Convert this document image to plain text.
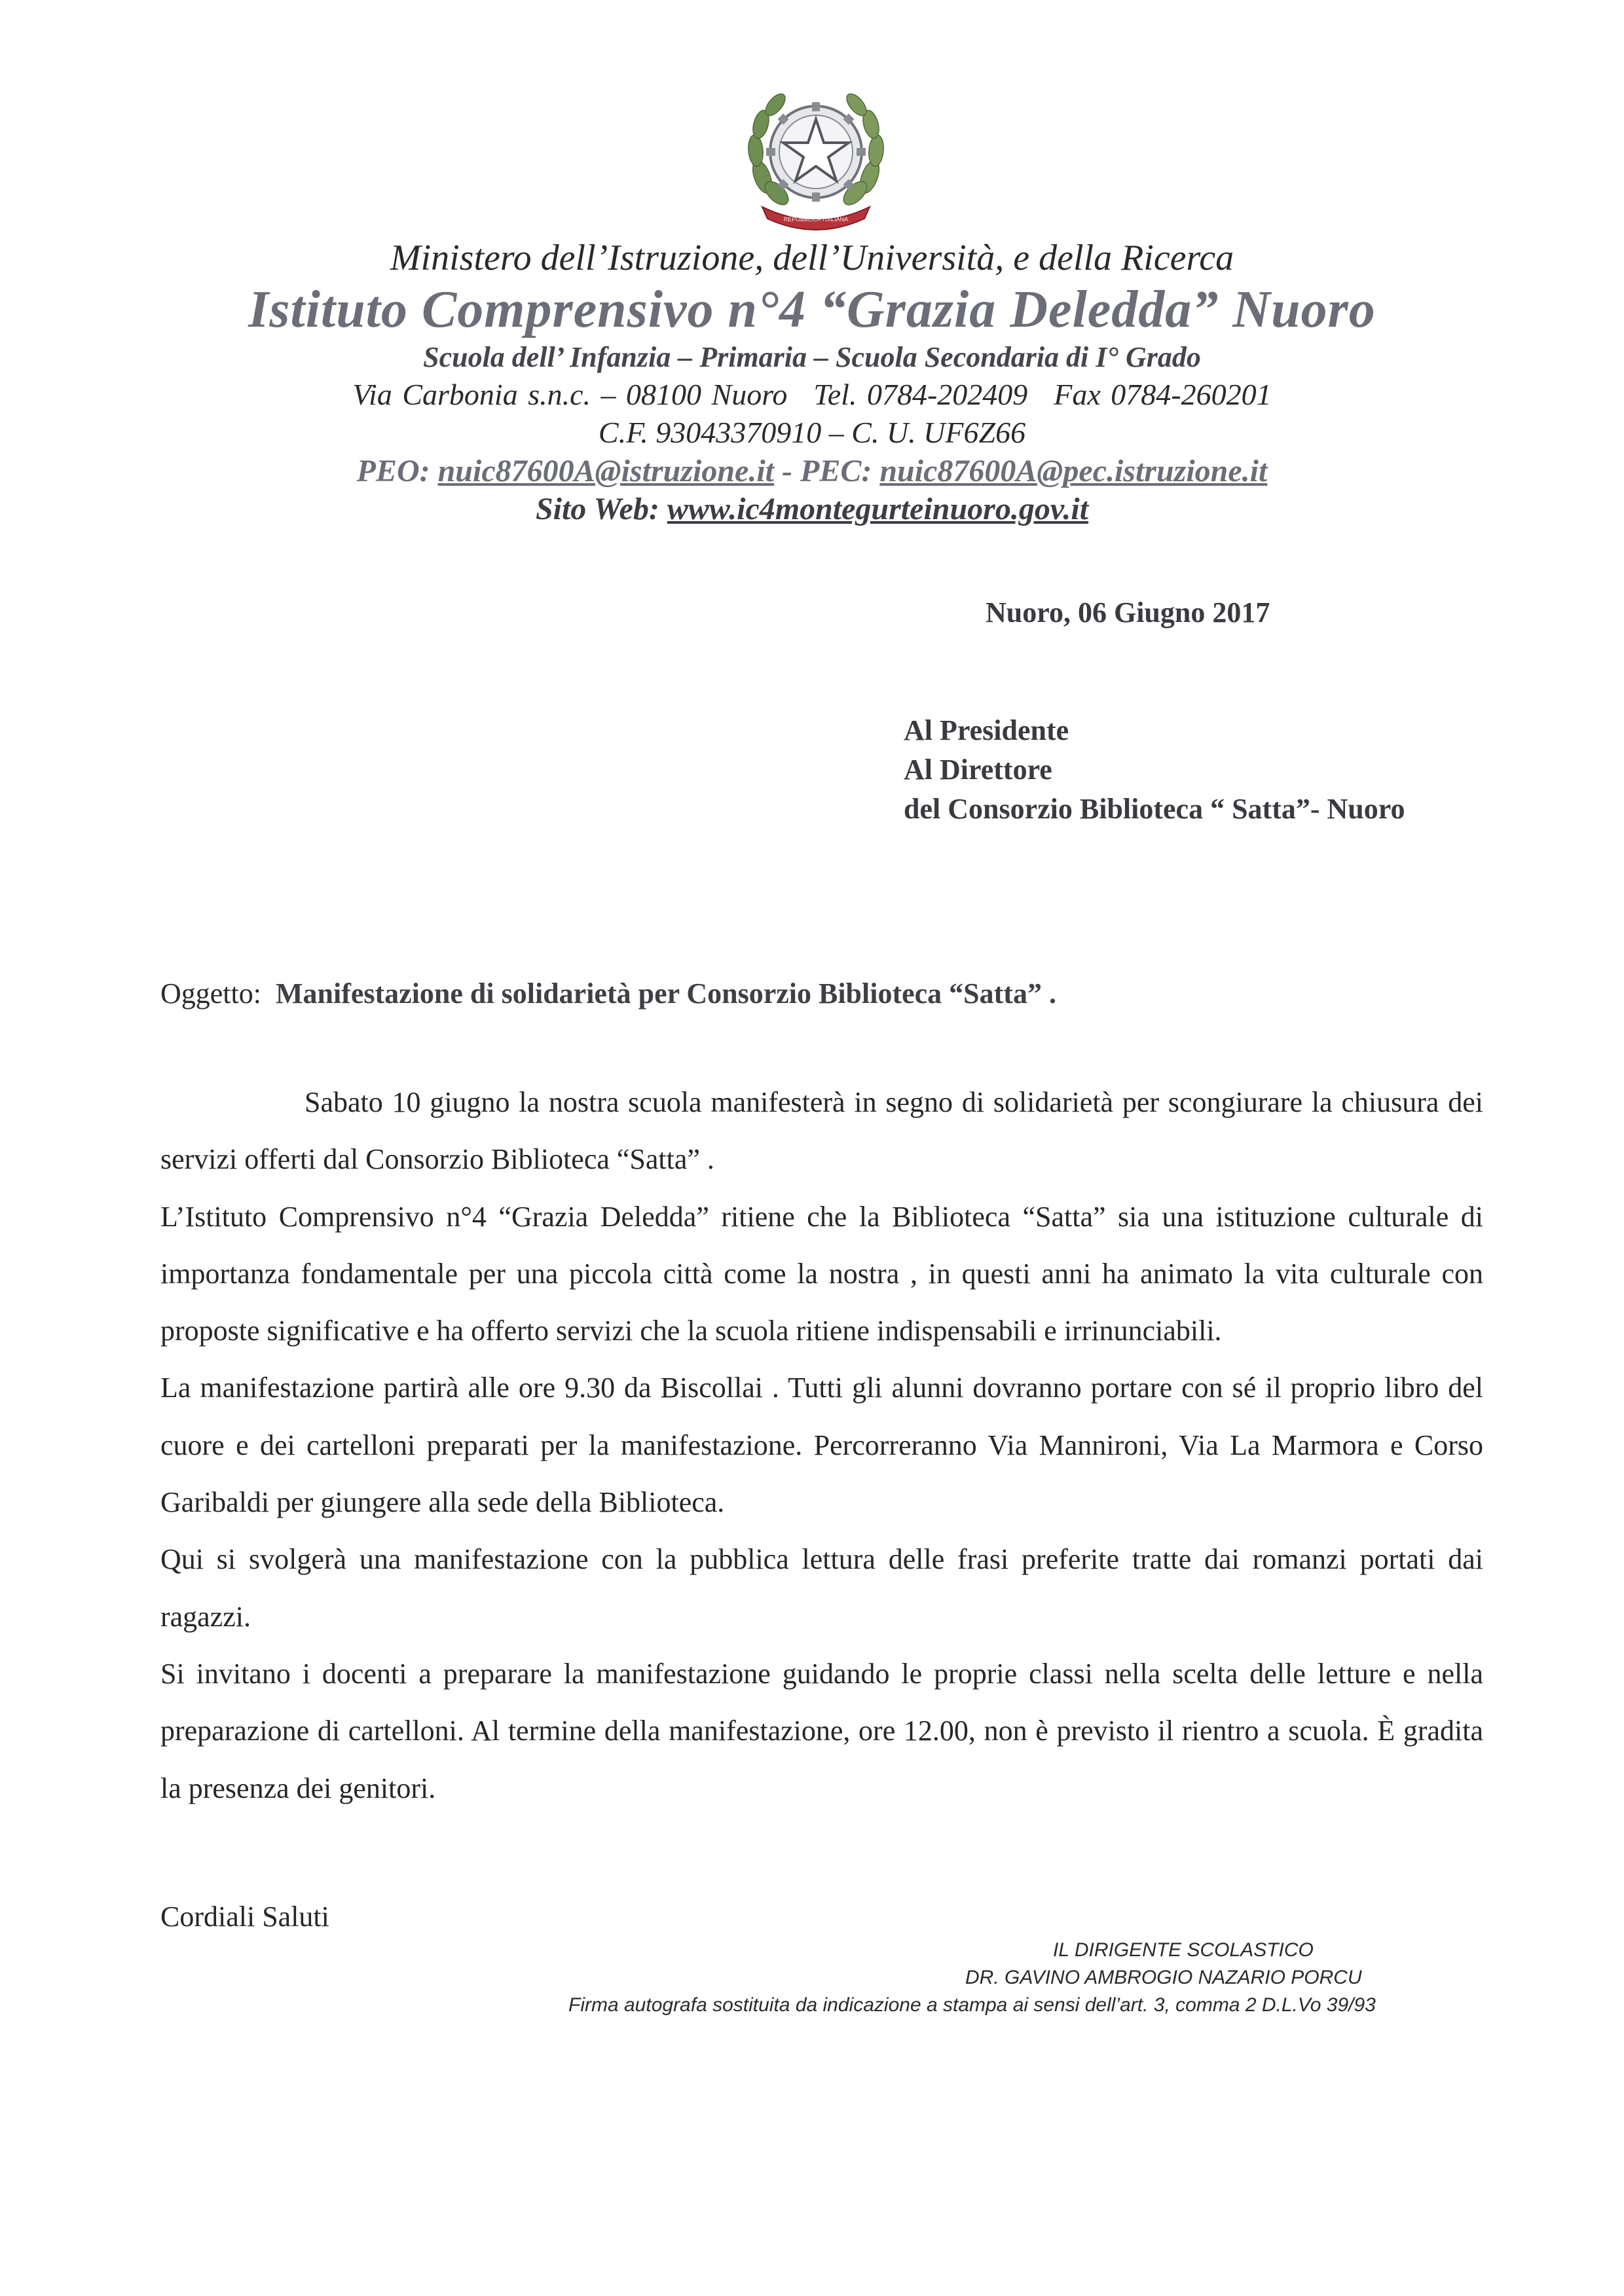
REPUBBLICA ITALIANA
Ministero dell’Istruzione, dell’Università, e della Ricerca
Istituto Comprensivo n°4 “Grazia Deledda” Nuoro
Scuola dell’ Infanzia – Primaria – Scuola Secondaria di I° Grado
Via Carbonia s.n.c. – 08100 Nuoro Tel. 0784-202409 Fax 0784-260201
C.F. 93043370910 – C. U. UF6Z66
PEO: nuic87600A@istruzione.it - PEC: nuic87600A@pec.istruzione.it
Sito Web: www.ic4montegurteinuoro.gov.it
Nuoro, 06 Giugno 2017
Al Presidente
Al Direttore
del Consorzio Biblioteca “ Satta”- Nuoro
Oggetto: Manifestazione di solidarietà per Consorzio Biblioteca “Satta” .

Sabato 10 giugno la nostra scuola manifesterà in segno di solidarietà per scongiurare la chiusura dei servizi offerti dal Consorzio Biblioteca “Satta” .

L’Istituto Comprensivo n°4 “Grazia Deledda” ritiene che la Biblioteca “Satta” sia una istituzione culturale di importanza fondamentale per una piccola città come la nostra , in questi anni ha animato la vita culturale con proposte significative e ha offerto servizi che la scuola ritiene indispensabili e irrinunciabili.

La manifestazione partirà alle ore 9.30 da Biscollai . Tutti gli alunni dovranno portare con sé il proprio libro del cuore e dei cartelloni preparati per la manifestazione. Percorreranno Via Mannironi, Via La Marmora e Corso Garibaldi per giungere alla sede della Biblioteca.

Qui si svolgerà una manifestazione con la pubblica lettura delle frasi preferite tratte dai romanzi portati dai ragazzi.

Si invitano i docenti a preparare la manifestazione guidando le proprie classi nella scelta delle letture e nella preparazione di cartelloni. Al termine della manifestazione, ore 12.00, non è previsto il rientro a scuola. È gradita la presenza dei genitori.

Cordiali Saluti
IL DIRIGENTE SCOLASTICO
DR. GAVINO AMBROGIO NAZARIO PORCU
Firma autografa sostituita da indicazione a stampa ai sensi dell’art. 3, comma 2 D.L.Vo 39/93
